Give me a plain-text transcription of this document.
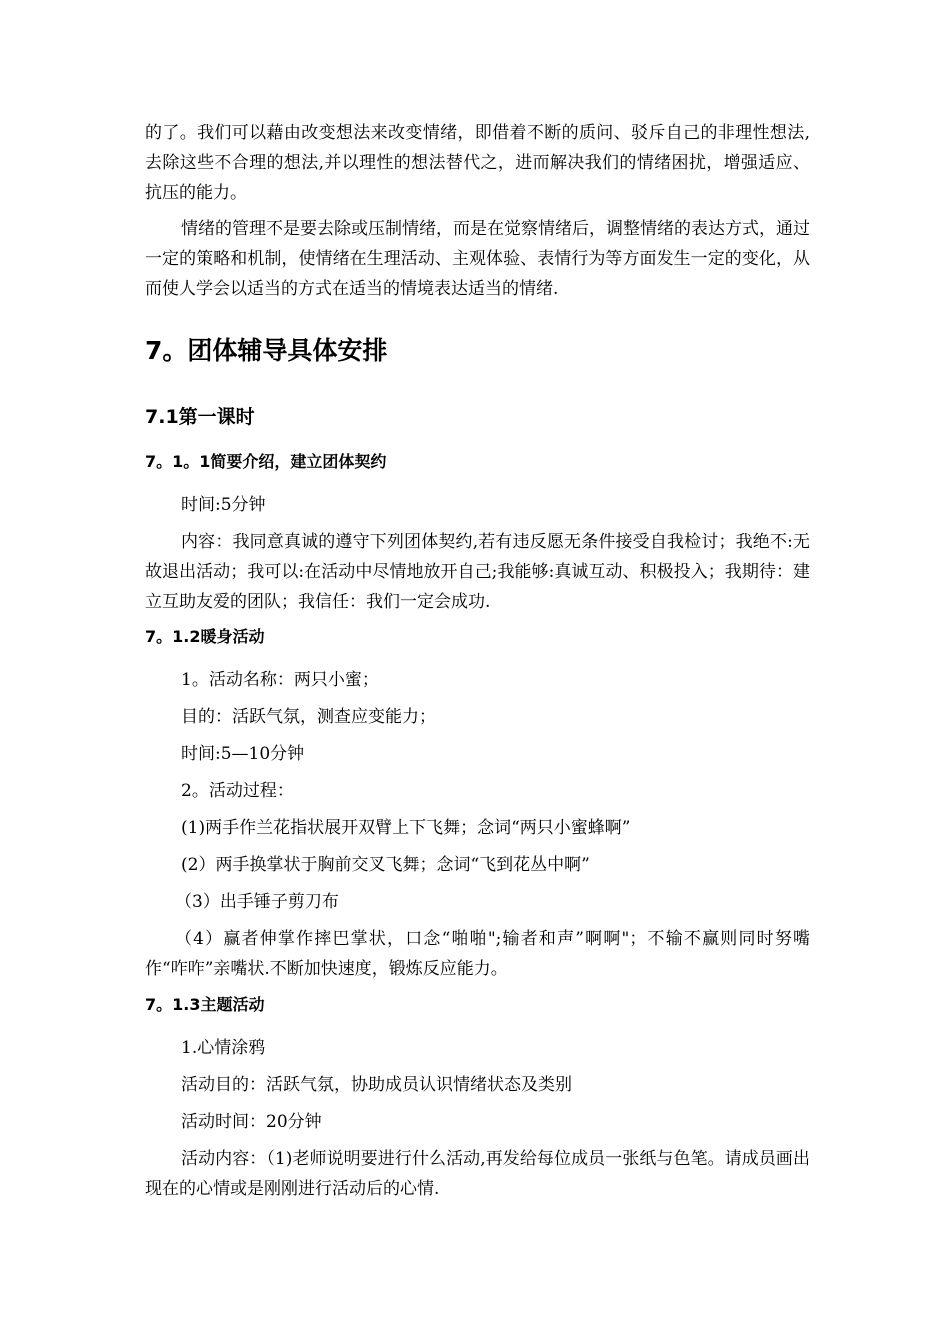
的了。我们可以藉由改变想法来改变情绪，即借着不断的质问、驳斥自己的非理性想法,去除这些不合理的想法,并以理性的想法替代之，进而解决我们的情绪困扰，增强适应、抗压的能力。

情绪的管理不是要去除或压制情绪，而是在觉察情绪后，调整情绪的表达方式，通过一定的策略和机制，使情绪在生理活动、主观体验、表情行为等方面发生一定的变化，从而使人学会以适当的方式在适当的情境表达适当的情绪.

7。团体辅导具体安排
7.1第一课时
7。1。1简要介绍，建立团体契约

时间:5分钟

内容：我同意真诚的遵守下列团体契约,若有违反愿无条件接受自我检讨；我绝不:无故退出活动；我可以:在活动中尽情地放开自己;我能够:真诚互动、积极投入；我期待：建立互助友爱的团队；我信任：我们一定会成功.

7。1.2暖身活动

1。活动名称：两只小蜜；

目的：活跃气氛，测查应变能力；

时间:5—10分钟

2。活动过程：

(1)两手作兰花指状展开双臂上下飞舞；念词“两只小蜜蜂啊”

(2）两手换掌状于胸前交叉飞舞；念词“飞到花丛中啊”

（3）出手锤子剪刀布

（4）赢者伸掌作摔巴掌状，口念“啪啪";输者和声”啊啊"；不输不赢则同时努嘴作“咋咋”亲嘴状.不断加快速度，锻炼反应能力。

7。1.3主题活动

1.心情涂鸦

活动目的：活跃气氛，协助成员认识情绪状态及类别

活动时间：20分钟

活动内容：（1)老师说明要进行什么活动,再发给每位成员一张纸与色笔。请成员画出现在的心情或是刚刚进行活动后的心情.
